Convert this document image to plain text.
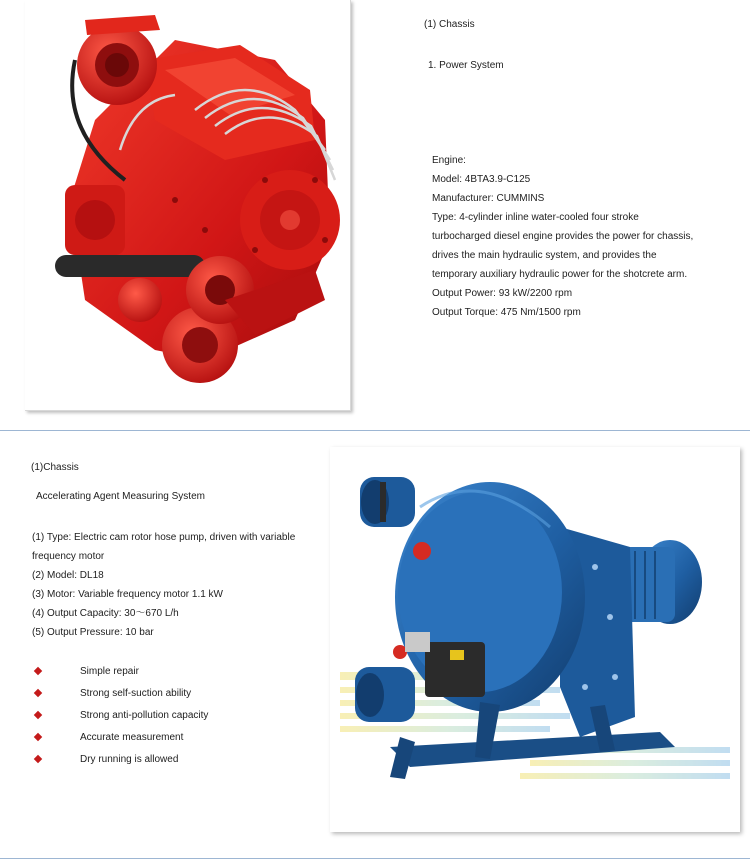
(1) Chassis
1. Power System
Engine:
Model: 4BTA3.9-C125
Manufacturer: CUMMINS
Type: 4-cylinder inline water-cooled four stroke
turbocharged diesel engine provides the power for chassis,
drives the main hydraulic system, and provides the
temporary auxiliary hydraulic power for the shotcrete arm.
Output Power: 93 kW/2200 rpm
Output Torque: 475 Nm/1500 rpm
(1)Chassis
Accelerating Agent Measuring System
(1) Type: Electric cam rotor hose pump, driven with variable
frequency motor
(2) Model: DL18
(3) Motor: Variable frequency motor 1.1 kW
(4) Output Capacity: 30～670 L/h
(5) Output Pressure: 10 bar
Simple repair
Strong self-suction ability
Strong anti-pollution capacity
Accurate measurement
Dry running is allowed
